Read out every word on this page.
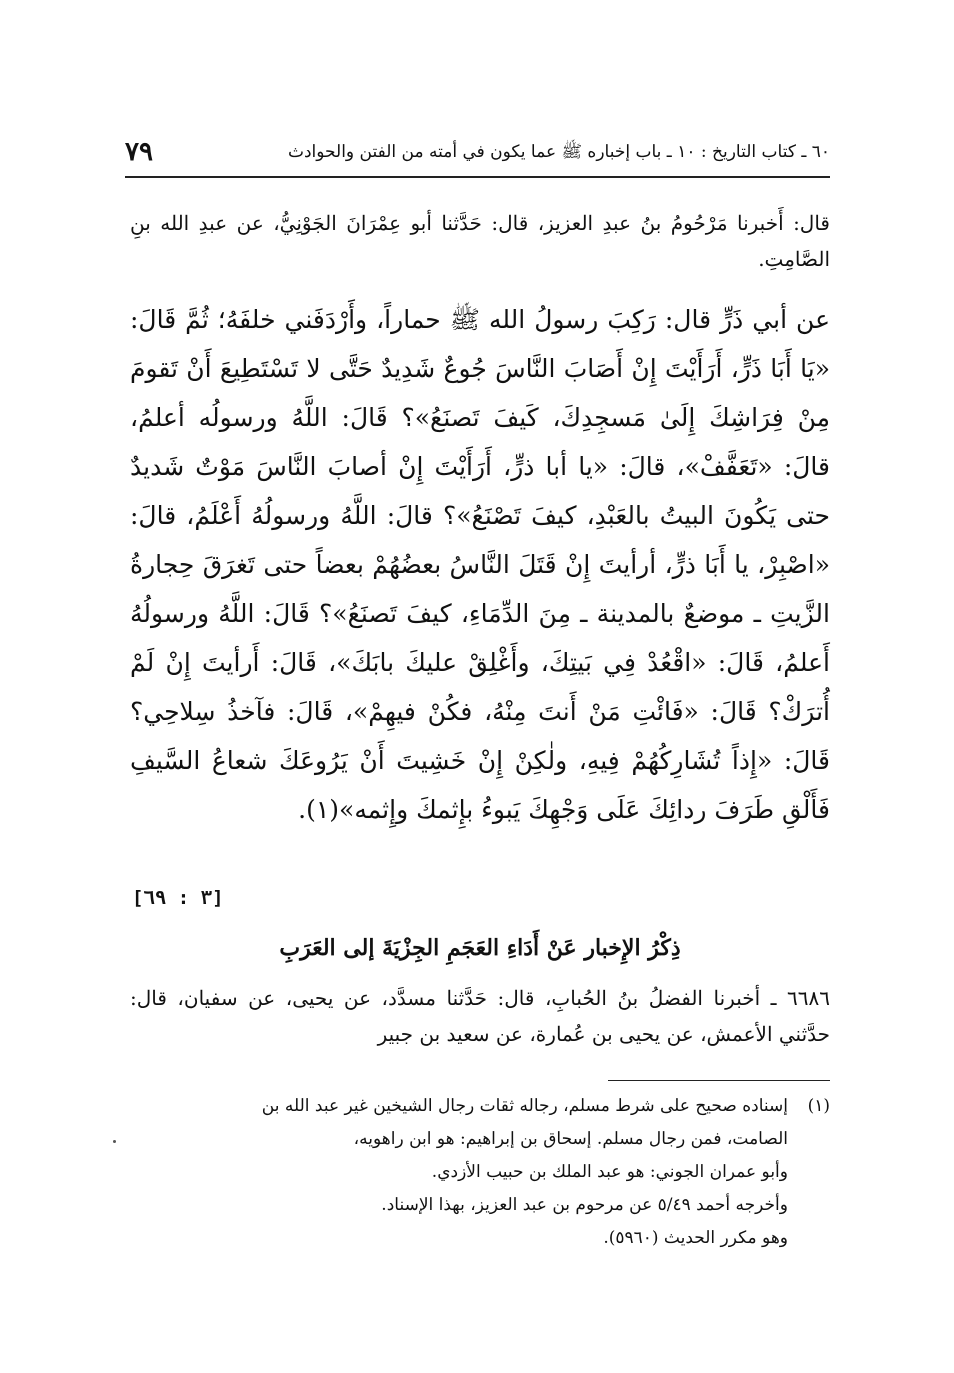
٦٠ ـ كتاب التاريخ : ١٠ ـ باب إخباره ﷺ عما يكون في أمته من الفتن والحوادث
٧٩
قال: أَخبرنا مَرْحُومُ بنُ عبدِ العزيز، قال: حَدَّثنا أبو عِمْرَانَ الجَوْنِيُّ، عن عبدِ الله بنِ الصَّامِتِ.
عن أبي ذَرٍّ قال: رَكِبَ رسولُ الله ﷺ حماراً، وأَرْدَفَني خلفَهُ؛ ثُمَّ قَالَ: «يَا أَبَا ذَرٍّ، أَرَأَيْتَ إِنْ أَصَابَ النَّاسَ جُوعٌ شَدِيدٌ حَتَّى لا تَسْتَطِيعَ أَنْ تَقومَ مِنْ فِرَاشِكَ إِلَىٰ مَسجِدِكَ، كَيفَ تَصنَعُ»؟ قَالَ: اللَّهُ ورسولُه أعلمُ، قالَ: «تَعَفَّفْ»، قالَ: «يا أبا ذرٍّ، أَرَأَيْتَ إِنْ أصابَ النَّاسَ مَوْتٌ شَديدٌ حتى يَكُونَ البيتُ بالعَبْدِ، كيفَ تَصْنَعُ»؟ قالَ: اللَّهُ ورسولُهُ أَعْلَمُ، قالَ: «اصْبِرْ، يا أَبَا ذرٍّ، أرأيتَ إِنْ قَتَلَ النَّاسُ بعضُهُمْ بعضاً حتى تَغرَقَ حِجارةُ الزَّيتِ ـ موضعٌ بالمدينة ـ مِنَ الدِّمَاءِ، كيفَ تَصنَعُ»؟ قَالَ: اللَّهُ ورسولُهُ أَعلمُ، قَالَ: «اقْعُدْ فِي بَيتِكَ، وأَغْلِقْ عليكَ بابَكَ»، قَالَ: أَرأيتَ إِنْ لَمْ أُترَكْ؟ قَالَ: «فَائْتِ مَنْ أَنتَ مِنْهُ، فكُنْ فيهِمْ»، قَالَ: فآخذُ سِلاحِي؟ قَالَ: «إِذاً تُشَارِكُهُمْ فِيهِ، ولٰكِنْ إِنْ خَشِيتَ أَنْ يَرُوعَكَ شعاعُ السَّيفِ فَأَلْقِ طَرَفَ ردائِكَ عَلَى وَجْهِكَ يَبوءُ بإِثمكَ وإِثمه»(١).
[٣ : ٦٩]
ذِكْرُ الإِخبار عَنْ أَدَاءِ العَجَمِ الجِزْيَةَ إلى العَرَبِ
٦٦٨٦ ـ أخبرنا الفضلُ بنُ الحُبابِ، قال: حَدَّثنا مسدَّد، عن يحيى، عن سفيان، قال: حدَّثني الأعمش، عن يحيى بن عُمارة، عن سعيد بن جبير
(١)إسناده صحيح على شرط مسلم، رجاله ثقات رجال الشيخين غير عبد الله بن
الصامت، فمن رجال مسلم. إسحاق بن إبراهيم: هو ابن راهويه،
وأبو عمران الجوني: هو عبد الملك بن حبيب الأزدي.
وأخرجه أحمد ٥/٤٩ عن مرحوم بن عبد العزيز، بهذا الإسناد.
وهو مكرر الحديث (٥٩٦٠).
